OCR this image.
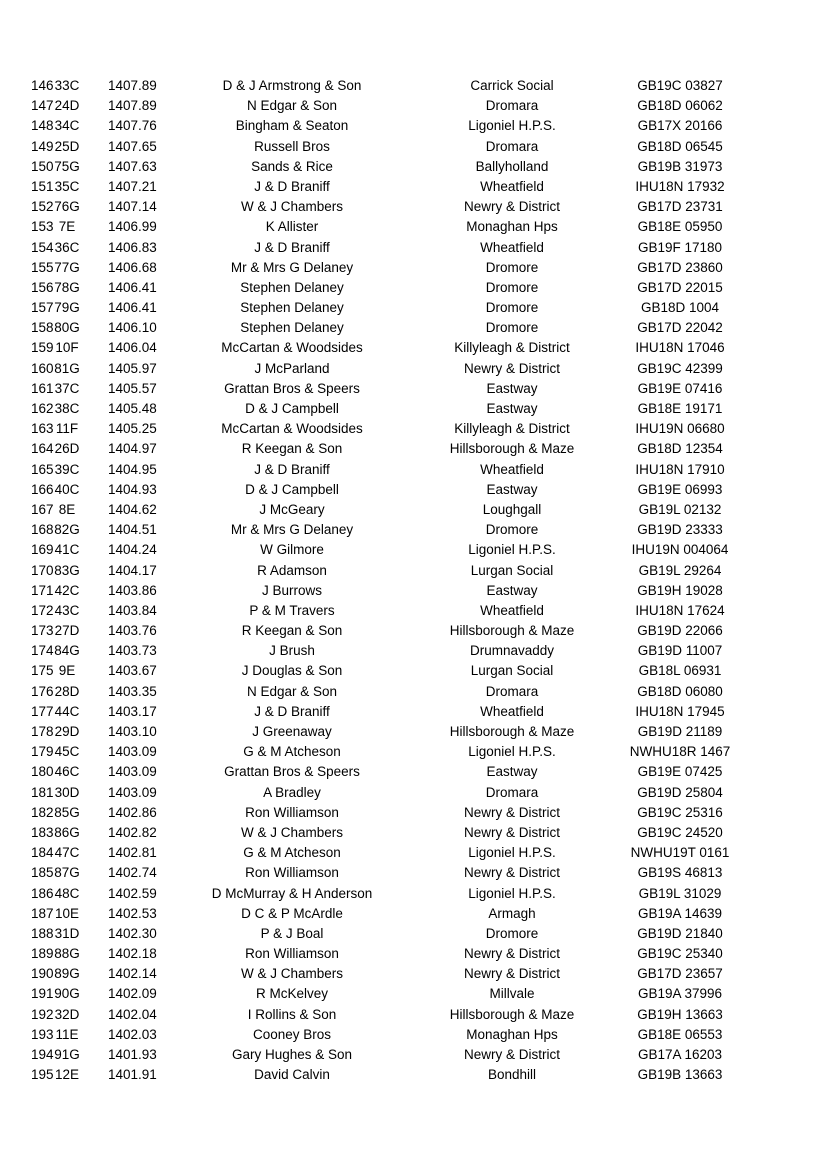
146 33C	1407.89	D & J Armstrong & Son	Carrick Social	GB19C 03827
147 24D	1407.89	N Edgar & Son	Dromara	GB18D 06062
148 34C	1407.76	Bingham & Seaton	Ligoniel H.P.S.	GB17X 20166
149 25D	1407.65	Russell Bros	Dromara	GB18D 06545
150 75G	1407.63	Sands & Rice	Ballyholland	GB19B 31973
151 35C	1407.21	J & D Braniff	Wheatfield	IHU18N 17932
152 76G	1407.14	W & J Chambers	Newry & District	GB17D 23731
153 7E	1406.99	K Allister	Monaghan Hps	GB18E 05950
154 36C	1406.83	J & D Braniff	Wheatfield	GB19F 17180
155 77G	1406.68	Mr & Mrs G Delaney	Dromore	GB17D 23860
156 78G	1406.41	Stephen Delaney	Dromore	GB17D 22015
157 79G	1406.41	Stephen Delaney	Dromore	GB18D 1004
158 80G	1406.10	Stephen Delaney	Dromore	GB17D 22042
159 10F	1406.04	McCartan & Woodsides	Killyleagh & District	IHU18N 17046
160 81G	1405.97	J McParland	Newry & District	GB19C 42399
161 37C	1405.57	Grattan Bros & Speers	Eastway	GB19E 07416
162 38C	1405.48	D & J Campbell	Eastway	GB18E 19171
163 11F	1405.25	McCartan & Woodsides	Killyleagh & District	IHU19N 06680
164 26D	1404.97	R Keegan & Son	Hillsborough & Maze	GB18D 12354
165 39C	1404.95	J & D Braniff	Wheatfield	IHU18N 17910
166 40C	1404.93	D & J Campbell	Eastway	GB19E 06993
167 8E	1404.62	J McGeary	Loughgall	GB19L 02132
168 82G	1404.51	Mr & Mrs G Delaney	Dromore	GB19D 23333
169 41C	1404.24	W Gilmore	Ligoniel H.P.S.	IHU19N 004064
170 83G	1404.17	R Adamson	Lurgan Social	GB19L 29264
171 42C	1403.86	J Burrows	Eastway	GB19H 19028
172 43C	1403.84	P & M Travers	Wheatfield	IHU18N 17624
173 27D	1403.76	R Keegan & Son	Hillsborough & Maze	GB19D 22066
174 84G	1403.73	J Brush	Drumnavaddy	GB19D 11007
175 9E	1403.67	J Douglas & Son	Lurgan Social	GB18L 06931
176 28D	1403.35	N Edgar & Son	Dromara	GB18D 06080
177 44C	1403.17	J & D Braniff	Wheatfield	IHU18N 17945
178 29D	1403.10	J Greenaway	Hillsborough & Maze	GB19D 21189
179 45C	1403.09	G & M Atcheson	Ligoniel H.P.S.	NWHU18R 1467
180 46C	1403.09	Grattan Bros & Speers	Eastway	GB19E 07425
181 30D	1403.09	A Bradley	Dromara	GB19D 25804
182 85G	1402.86	Ron Williamson	Newry & District	GB19C 25316
183 86G	1402.82	W & J Chambers	Newry & District	GB19C 24520
184 47C	1402.81	G & M Atcheson	Ligoniel H.P.S.	NWHU19T 0161
185 87G	1402.74	Ron Williamson	Newry & District	GB19S 46813
186 48C	1402.59	D McMurray & H Anderson	Ligoniel H.P.S.	GB19L 31029
187 10E	1402.53	D C & P McArdle	Armagh	GB19A 14639
188 31D	1402.30	P & J Boal	Dromore	GB19D 21840
189 88G	1402.18	Ron Williamson	Newry & District	GB19C 25340
190 89G	1402.14	W & J Chambers	Newry & District	GB17D 23657
191 90G	1402.09	R McKelvey	Millvale	GB19A 37996
192 32D	1402.04	I Rollins & Son	Hillsborough & Maze	GB19H 13663
193 11E	1402.03	Cooney Bros	Monaghan Hps	GB18E 06553
194 91G	1401.93	Gary Hughes & Son	Newry & District	GB17A 16203
195 12E	1401.91	David Calvin	Bondhill	GB19B 13663
